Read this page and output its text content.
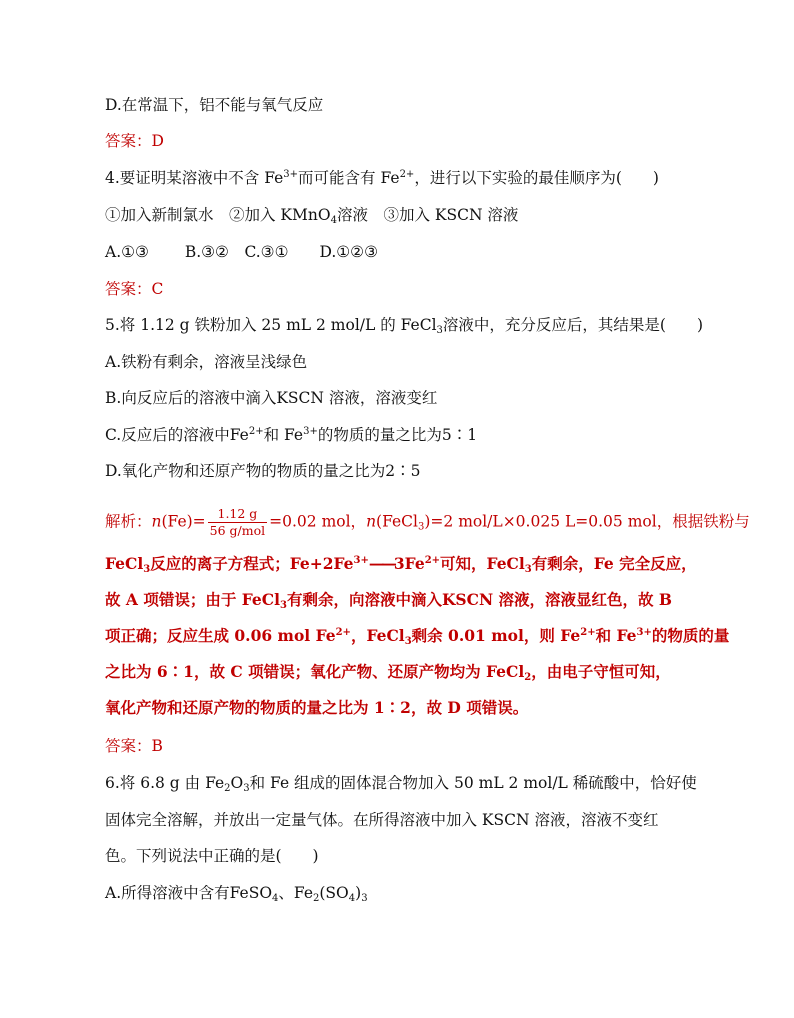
D.在常温下，铝不能与氧气反应
答案：D
4.要证明某溶液中不含 $Fe^{3+}$而可能含有 $Fe^{2+}$，进行以下实验的最佳顺序为(　　)
①加入新制氯水　②加入 KMnO$_4$溶液　③加入 KSCN 溶液
A.①③　　 B.③②　C.③①　　D.①②③
答案：C
5.将 1.12 g 铁粉加入 25 mL 2 mol/L 的 FeCl$_3$溶液中，充分反应后，其结果是(　　)
A.铁粉有剩余，溶液呈浅绿色
B.向反应后的溶液中滴入KSCN 溶液，溶液变红
C.反应后的溶液中$Fe^{2+}$和 $Fe^{3+}$的物质的量之比为5∶1
D.氧化产物和还原产物的物质的量之比为2∶5
解析：$n(Fe)= \frac{1.12 g}{\text{56 g/mol}} =0.02$ mol，n(FeCl$_3$)=2 mol/L×0.025 L=0.05 mol，根据铁粉与
FeCl$_3$反应的离子方程式；$Fe+2Fe^{3+}——3Fe^{2+}$可知，FeCl$_3$有剩余，Fe 完全反应，
故 A 项错误；由于 FeCl$_3$有剩余，向溶液中滴入KSCN 溶液，溶液显红色，故 B
项正确；反应生成 0.06 mol $Fe^{2+}$，FeCl$_3$剩余 0.01 mol，则 $Fe^{2+}$和 $Fe^{3+}$的物质的量
之比为 6∶1，故 C 项错误；氧化产物、还原产物均为 FeCl$_2$，由电子守恒可知，
氧化产物和还原产物的物质的量之比为 1∶2，故 D 项错误。
答案：B
6.将 6.8 g 由 $Fe_2O_3$和 Fe 组成的固体混合物加入 50 mL 2 mol/L 稀硫酸中，恰好使
固体完全溶解，并放出一定量气体。在所得溶液中加入 KSCN 溶液，溶液不变红
色。下列说法中正确的是(　　)
A.所得溶液中含有FeSO$_4$、$Fe_2(SO_4)_3$
